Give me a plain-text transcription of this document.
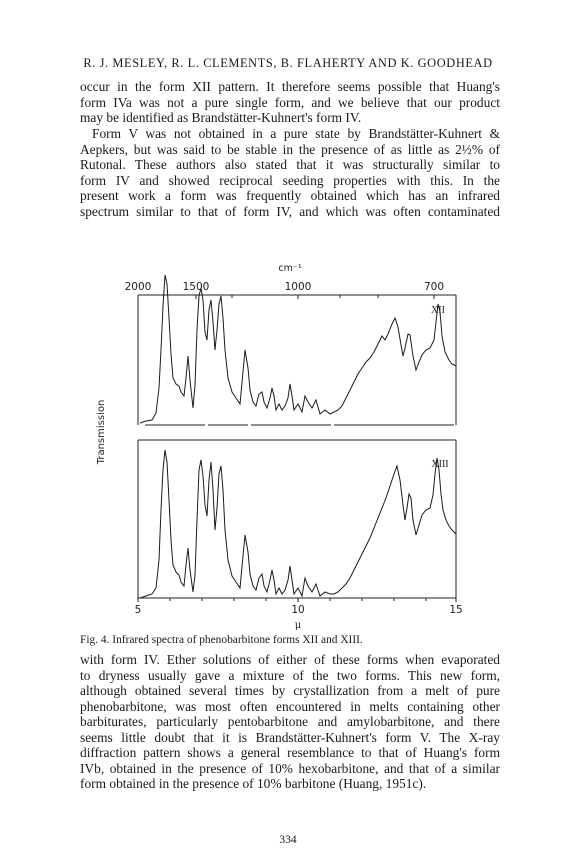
R. J. MESLEY, R. L. CLEMENTS, B. FLAHERTY AND K. GOODHEAD

occur in the form XII pattern. It therefore seems possible that Huang's
form IVa was not a pure single form, and we believe that our product
may be identified as Brandstätter-Kuhnert's form IV.

Form V was not obtained in a pure state by Brandstätter-Kuhnert &
Aepkers, but was said to be stable in the presence of as little as 2½% of
Rutonal. These authors also stated that it was structurally similar to
form IV and showed reciprocal seeding properties with this. In the
present work a form was frequently obtained which has an infrared
spectrum similar to that of form IV, and which was often contaminated

cm⁻¹
2000	1500	1000	700
XII
Transmission
XIII
5	10	15
μ
Fig. 4. Infrared spectra of phenobarbitone forms XII and XIII.

with form IV. Ether solutions of either of these forms when evaporated
to dryness usually gave a mixture of the two forms. This new form,
although obtained several times by crystallization from a melt of pure
phenobarbitone, was most often encountered in melts containing other
barbiturates, particularly pentobarbitone and amylobarbitone, and there
seems little doubt that it is Brandstätter-Kuhnert's form V. The X-ray
diffraction pattern shows a general resemblance to that of Huang's form
IVb, obtained in the presence of 10% hexobarbitone, and that of a similar
form obtained in the presence of 10% barbitone (Huang, 1951c).

334
